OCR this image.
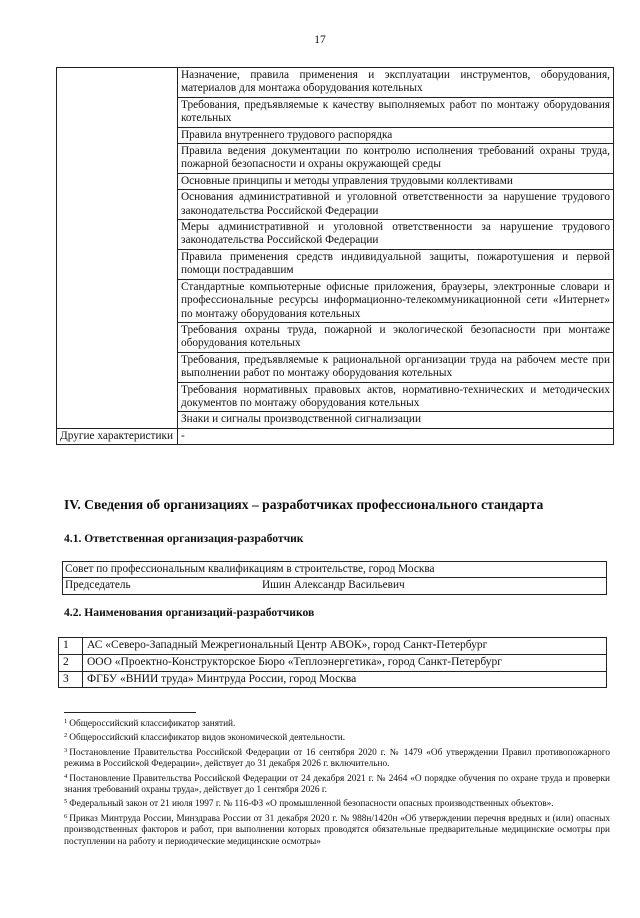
17
	Назначение, правила применения и эксплуатации инструментов, оборудования, материалов для монтажа оборудования котельных
	Требования, предъявляемые к качеству выполняемых работ по монтажу оборудования котельных
	Правила внутреннего трудового распорядка
	Правила ведения документации по контролю исполнения требований охраны труда, пожарной безопасности и охраны окружающей среды
	Основные принципы и методы управления трудовыми коллективами
	Основания административной и уголовной ответственности за нарушение трудового законодательства Российской Федерации
	Меры административной и уголовной ответственности за нарушение трудового законодательства Российской Федерации
	Правила применения средств индивидуальной защиты, пожаротушения и первой помощи пострадавшим
	Стандартные компьютерные офисные приложения, браузеры, электронные словари и профессиональные ресурсы информационно-телекоммуникационной сети «Интернет» по монтажу оборудования котельных
	Требования охраны труда, пожарной и экологической безопасности при монтаже оборудования котельных
	Требования, предъявляемые к рациональной организации труда на рабочем месте при выполнении работ по монтажу оборудования котельных
	Требования нормативных правовых актов, нормативно-технических и методических документов по монтажу оборудования котельных
	Знаки и сигналы производственной сигнализации
Другие характеристики	-
IV. Сведения об организациях – разработчиках профессионального стандарта
4.1. Ответственная организация-разработчик
Совет по профессиональным квалификациям в строительстве, город Москва
Председатель	Ишин Александр Васильевич
4.2. Наименования организаций-разработчиков
1	АС «Северо-Западный Межрегиональный Центр АВОК», город Санкт-Петербург
2	ООО «Проектно-Конструкторское Бюро «Теплоэнергетика», город Санкт-Петербург
3	ФГБУ «ВНИИ труда» Минтруда России, город Москва

$^1$ Общероссийский классификатор занятий.

$^2$ Общероссийский классификатор видов экономической деятельности.

$^3$ Постановление Правительства Российской Федерации от 16 сентября 2020 г. № 1479 «Об утверждении Правил противопожарного режима в Российской Федерации», действует до 31 декабря 2026 г. включительно.

$^4$ Постановление Правительства Российской Федерации от 24 декабря 2021 г. № 2464 «О порядке обучения по охране труда и проверки знания требований охраны труда», действует до 1 сентября 2026 г.

$^5$ Федеральный закон от 21 июля 1997 г. № 116-ФЗ «О промышленной безопасности опасных производственных объектов».

$^6$ Приказ Минтруда России, Минздрава России от 31 декабря 2020 г. № 988н/1420н «Об утверждении перечня вредных и (или) опасных производственных факторов и работ, при выполнении которых проводятся обязательные предварительные медицинские осмотры при поступлении на работу и периодические медицинские осмотры»
